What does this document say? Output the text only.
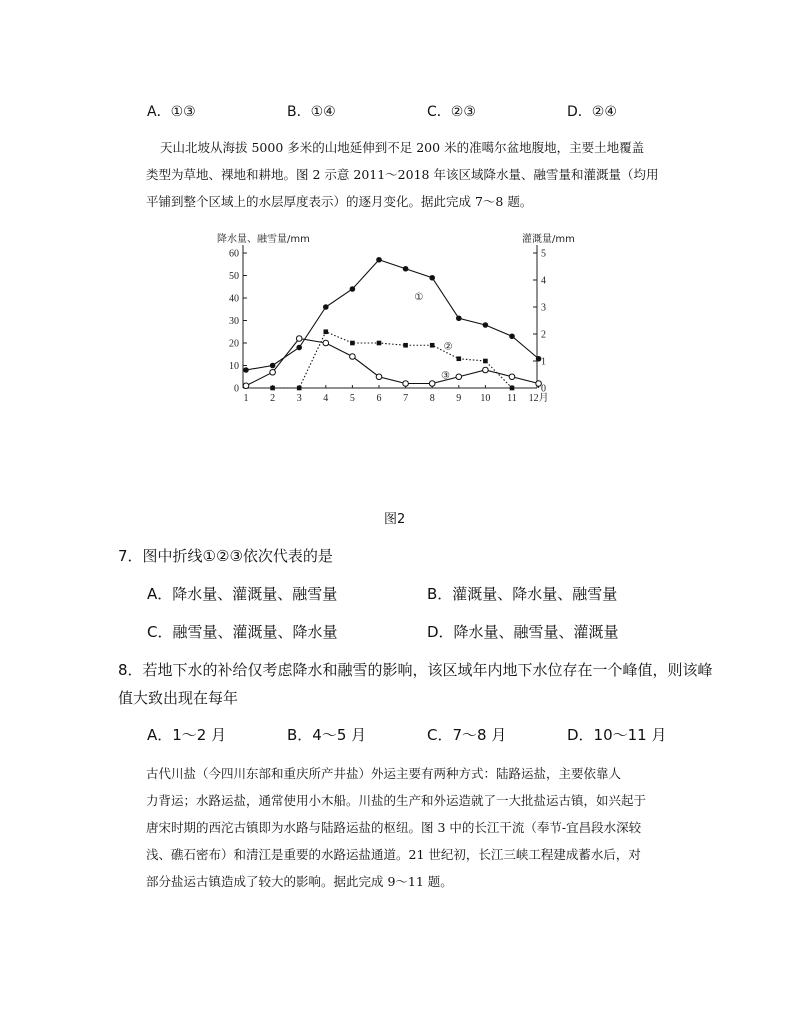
A．①③	B．①④	C．②③	D．②④
天山北坡从海拔 5000 多米的山地延伸到不足 200 米的准噶尔盆地腹地，主要土地覆盖
类型为草地、裸地和耕地。图 2 示意 2011～2018 年该区域降水量、融雪量和灌溉量（均用
平铺到整个区域上的水层厚度表示）的逐月变化。据此完成 7～8 题。
降水量、融雪量/mm	灌溉量/mm
0
10
20
30
40
50
60
0
1
2
3
4
5
1 2 3 4 5 6 7 8 9 10 11 12月
①
②
③
图2
7．图中折线①②③依次代表的是
A．降水量、灌溉量、融雪量	B．灌溉量、降水量、融雪量
C．融雪量、灌溉量、降水量	D．降水量、融雪量、灌溉量
8．若地下水的补给仅考虑降水和融雪的影响，该区域年内地下水位存在一个峰值，则该峰
值大致出现在每年
A．1～2 月	B．4～5 月	C．7～8 月	D．10～11 月
古代川盐（今四川东部和重庆所产井盐）外运主要有两种方式：陆路运盐，主要依靠人
力背运；水路运盐，通常使用小木船。川盐的生产和外运造就了一大批盐运古镇，如兴起于
唐宋时期的西沱古镇即为水路与陆路运盐的枢纽。图 3 中的长江干流（奉节-宜昌段水深较
浅、礁石密布）和清江是重要的水路运盐通道。21 世纪初，长江三峡工程建成蓄水后，对
部分盐运古镇造成了较大的影响。据此完成 9～11 题。
